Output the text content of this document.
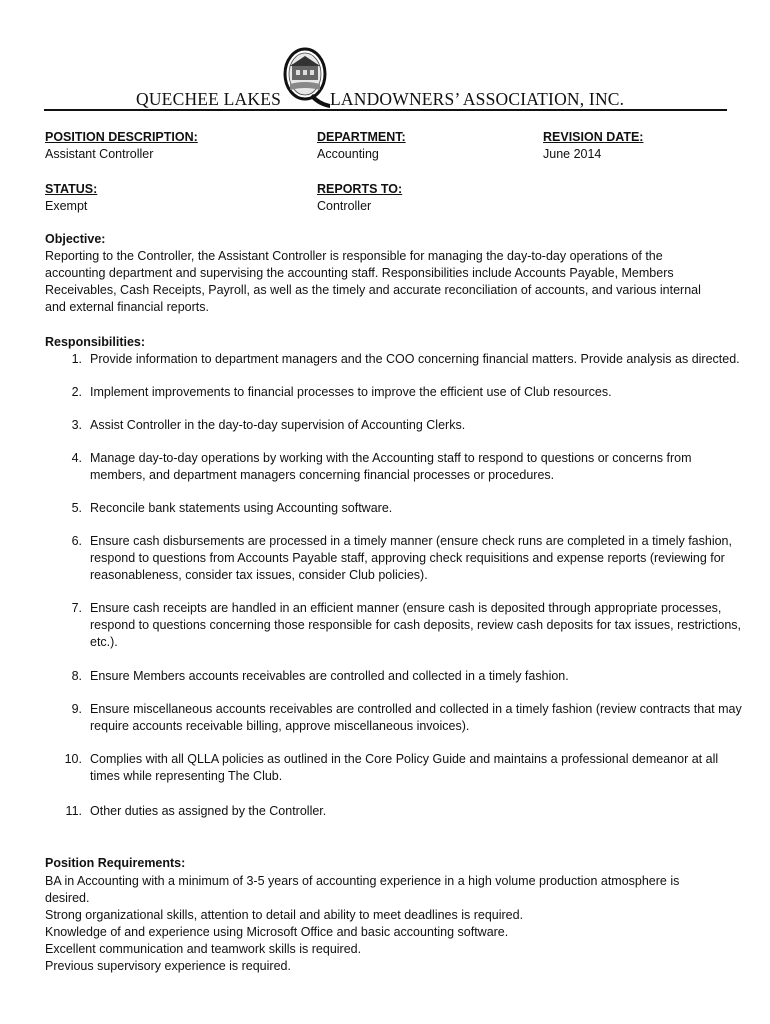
QUECHEE LAKES	LANDOWNERS’ ASSOCIATION, INC.
POSITION DESCRIPTION:
Assistant Controller
DEPARTMENT:
Accounting
REVISION DATE:
June 2014
STATUS:
Exempt
REPORTS TO:
Controller
Objective:
Reporting to the Controller, the Assistant Controller is responsible for managing the day-to-day operations of the
accounting department and supervising the accounting staff. Responsibilities include Accounts Payable, Members
Receivables, Cash Receipts, Payroll, as well as the timely and accurate reconciliation of accounts, and various internal
and external financial reports.
Responsibilities:
1. Provide information to department managers and the COO concerning financial matters. Provide analysis as directed.
2. Implement improvements to financial processes to improve the efficient use of Club resources.
3. Assist Controller in the day-to-day supervision of Accounting Clerks.
4. Manage day-to-day operations by working with the Accounting staff to respond to questions or concerns from
members, and department managers concerning financial processes or procedures.
5. Reconcile bank statements using Accounting software.
6. Ensure cash disbursements are processed in a timely manner (ensure check runs are completed in a timely fashion,
respond to questions from Accounts Payable staff, approving check requisitions and expense reports (reviewing for
reasonableness, consider tax issues, consider Club policies).
7. Ensure cash receipts are handled in an efficient manner (ensure cash is deposited through appropriate processes,
respond to questions concerning those responsible for cash deposits, review cash deposits for tax issues, restrictions,
etc.).
8. Ensure Members accounts receivables are controlled and collected in a timely fashion.
9. Ensure miscellaneous accounts receivables are controlled and collected in a timely fashion (review contracts that may
require accounts receivable billing, approve miscellaneous invoices).
10. Complies with all QLLA policies as outlined in the Core Policy Guide and maintains a professional demeanor at all
times while representing The Club.
11. Other duties as assigned by the Controller.
Position Requirements:
BA in Accounting with a minimum of 3-5 years of accounting experience in a high volume production atmosphere is
desired.
Strong organizational skills, attention to detail and ability to meet deadlines is required.
Knowledge of and experience using Microsoft Office and basic accounting software.
Excellent communication and teamwork skills is required.
Previous supervisory experience is required.
